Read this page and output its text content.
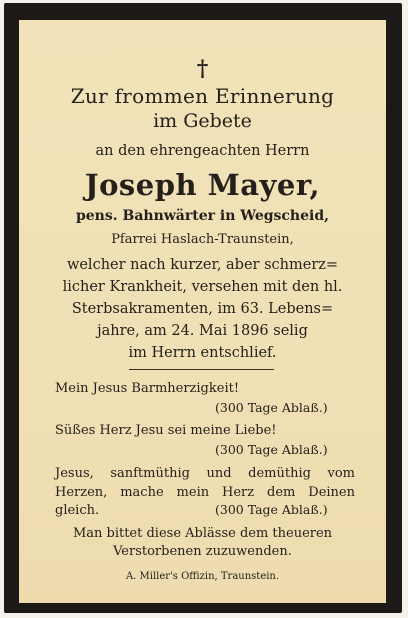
†
Zur frommen Erinnerung
im Gebete
an den ehrengeachten Herrn
Joseph Mayer,
pens. Bahnwärter in Wegscheid,
Pfarrei Haslach-Traunstein,
welcher nach kurzer, aber schmerz=
licher Krankheit, versehen mit den hl.
Sterbsakramenten, im 63. Lebens=
jahre, am 24. Mai 1896 selig
im Herrn entschlief.
Mein Jesus Barmherzigkeit!
(300 Tage Ablaß.)
Süßes Herz Jesu sei meine Liebe!
(300 Tage Ablaß.)
Jesus, sanftmüthig und demüthig vom
Herzen, mache mein Herz dem Deinen
gleich.	(300 Tage Ablaß.)
Man bittet diese Ablässe dem theueren
Verstorbenen zuzuwenden.
A. Miller's Offizin, Traunstein.
